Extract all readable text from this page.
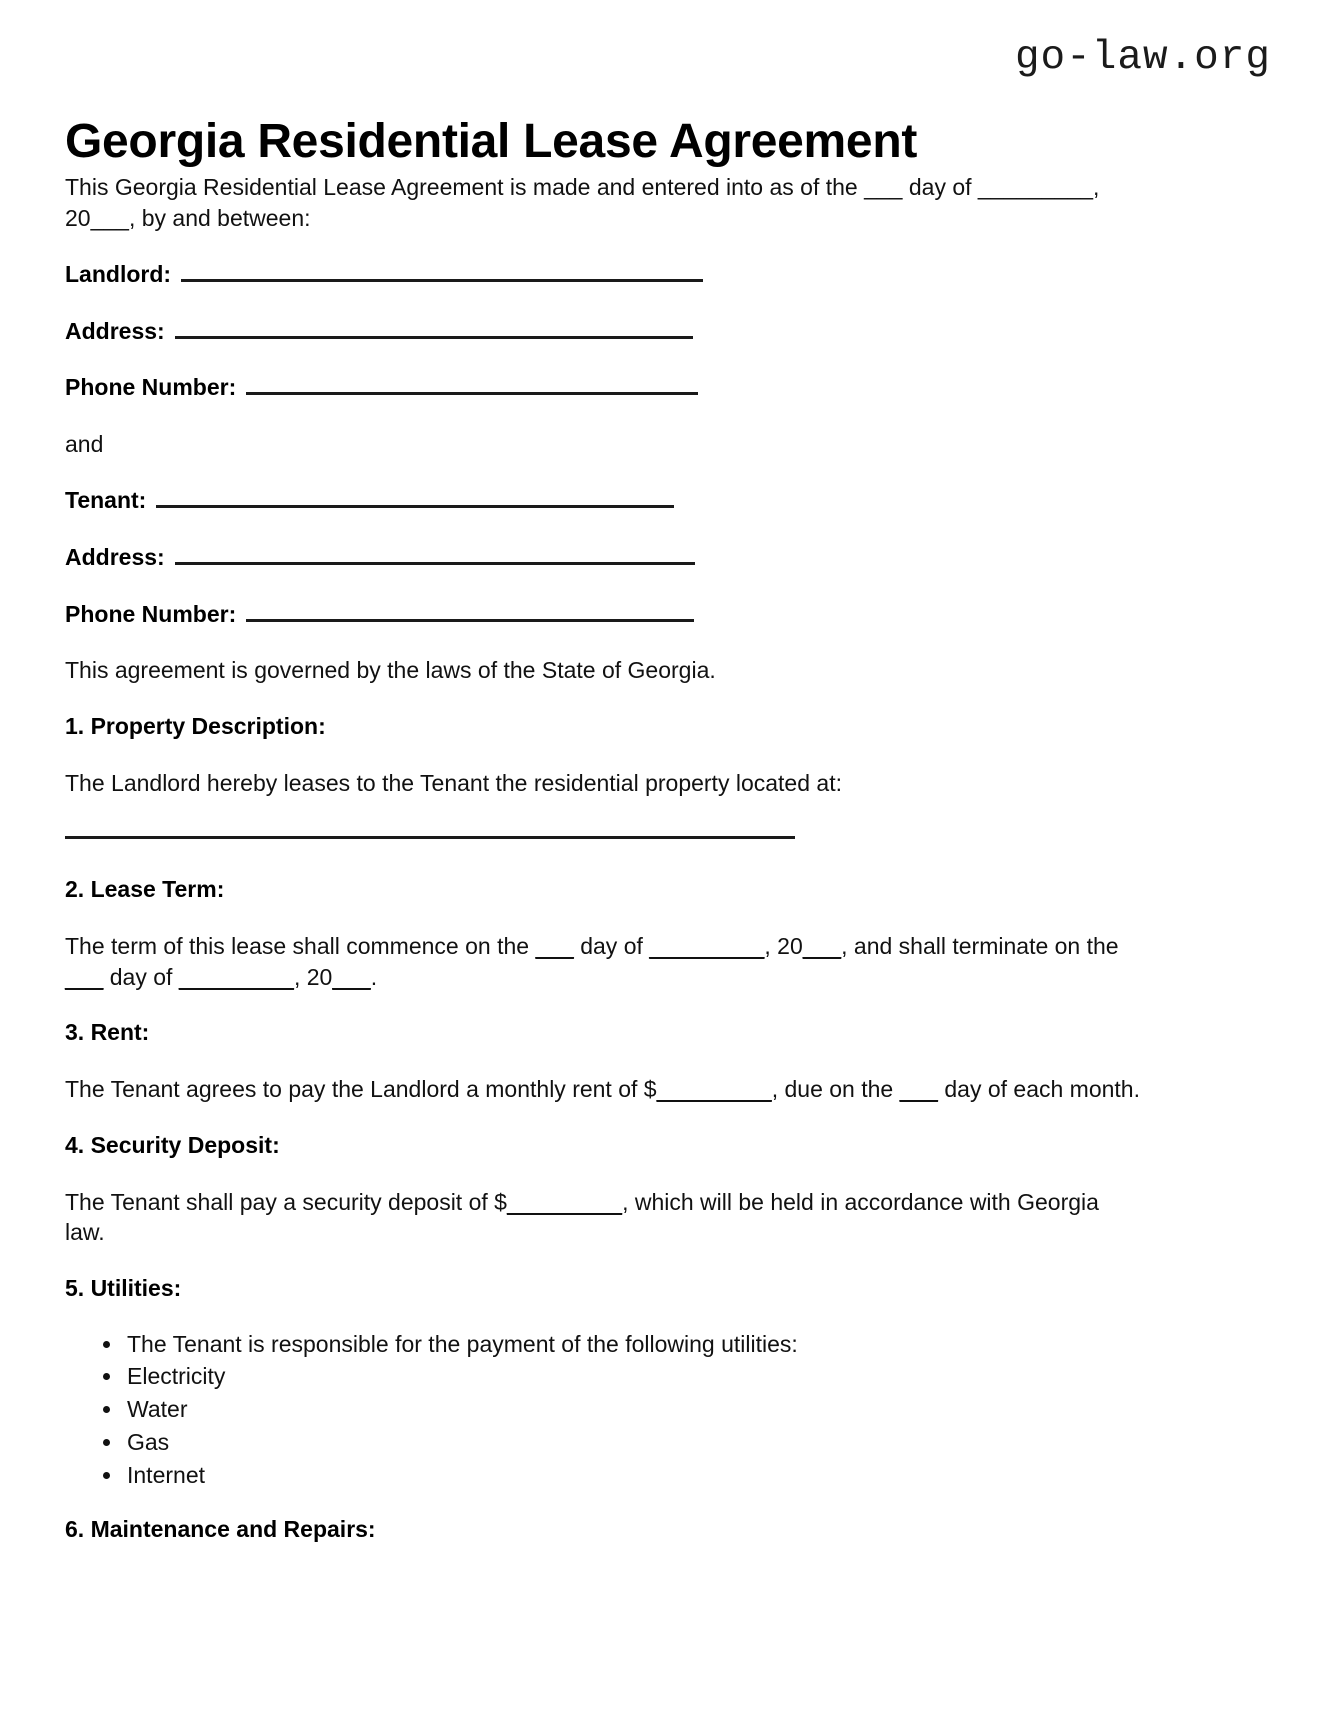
go-law.org
Georgia Residential Lease Agreement

This Georgia Residential Lease Agreement is made and entered into as of the ___ day of _________, 20___, by and between:

Landlord:
Address:
Phone Number:

and

Tenant:
Address:
Phone Number:

This agreement is governed by the laws of the State of Georgia.

1. Property Description:

The Landlord hereby leases to the Tenant the residential property located at:

2. Lease Term:

The term of this lease shall commence on the ___ day of _________, 20___, and shall terminate on the ___ day of _________, 20___.

3. Rent:

The Tenant agrees to pay the Landlord a monthly rent of $_________, due on the ___ day of each month.

4. Security Deposit:

The Tenant shall pay a security deposit of $_________, which will be held in accordance with Georgia law.

5. Utilities:
The Tenant is responsible for the payment of the following utilities:
Electricity
Water
Gas
Internet
6. Maintenance and Repairs:
